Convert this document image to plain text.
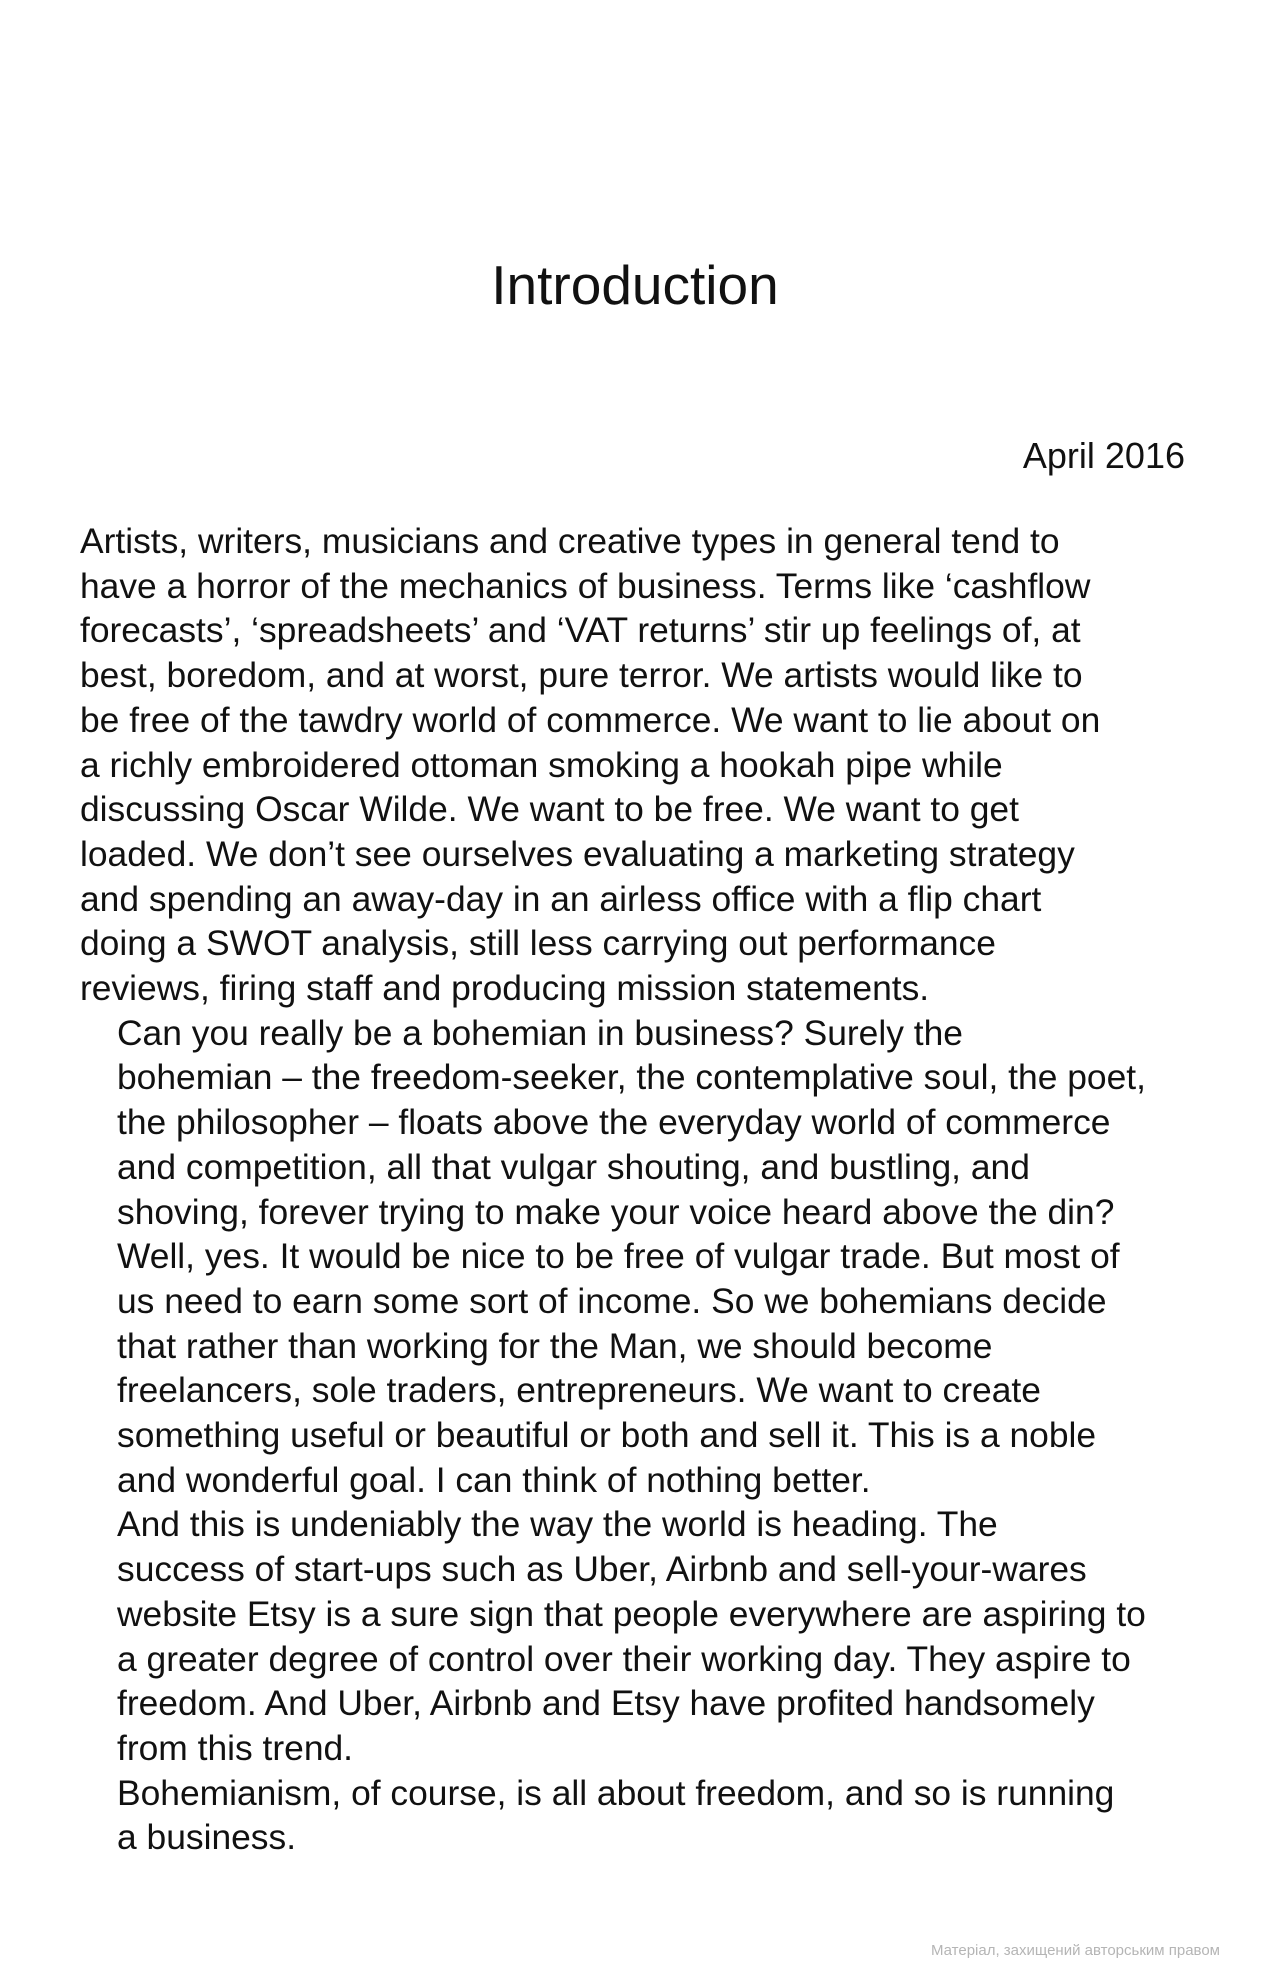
Introduction
April 2016

Artists, writers, musicians and creative types in general tend to
have a horror of the mechanics of business. Terms like ‘cashflow
forecasts’, ‘spreadsheets’ and ‘VAT returns’ stir up feelings of, at
best, boredom, and at worst, pure terror. We artists would like to
be free of the tawdry world of commerce. We want to lie about on
a richly embroidered ottoman smoking a hookah pipe while
discussing Oscar Wilde. We want to be free. We want to get
loaded. We don’t see ourselves evaluating a marketing strategy
and spending an away-day in an airless office with a flip chart
doing a SWOT analysis, still less carrying out performance
reviews, firing staff and producing mission statements.

Can you really be a bohemian in business? Surely the
bohemian – the freedom-seeker, the contemplative soul, the poet,
the philosopher – floats above the everyday world of commerce
and competition, all that vulgar shouting, and bustling, and
shoving, forever trying to make your voice heard above the din?

Well, yes. It would be nice to be free of vulgar trade. But most of
us need to earn some sort of income. So we bohemians decide
that rather than working for the Man, we should become
freelancers, sole traders, entrepreneurs. We want to create
something useful or beautiful or both and sell it. This is a noble
and wonderful goal. I can think of nothing better.

And this is undeniably the way the world is heading. The
success of start-ups such as Uber, Airbnb and sell-your-wares
website Etsy is a sure sign that people everywhere are aspiring to
a greater degree of control over their working day. They aspire to
freedom. And Uber, Airbnb and Etsy have profited handsomely
from this trend.

Bohemianism, of course, is all about freedom, and so is running
a business.

Матеріал, захищений авторським правом
